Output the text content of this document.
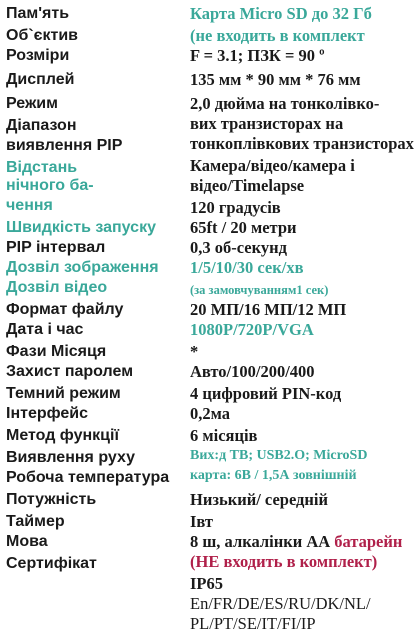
Пам'ять
Об`єктив
Розміри
Дисплей
Режим
Діапазон
виявлення PIP
Відстань
нічного ба-
чення
Швидкість запуску
PIP інтервал
Дозвіл зображення
Дозвіл відео
Формат файлу
Дата і час
Фази Місяця
Захист паролем
Темний режим
Інтерфейс
Метод функції
Виявлення руху
Робоча температура
Потужність
Таймер
Мова
Сертифікат
Карта Micro SD до 32 Гб
(не входить в комплект
F = 3.1; ПЗК = 90 º
135 мм * 90 мм * 76 мм
2,0 дюйма на тонколівко-
вих транзисторах на
тонкоплівкових транзисторах
Камера/відео/камера і
відео/Timelapse
120 градусів
65ft / 20 метри
0,3 об-секунд
1/5/10/30 сек/хв
(за замовчуванням1 сек)
20 МП/16 МП/12 МП
1080P/720P/VGA
*
Авто/100/200/400
4 цифровий PIN-код
0,2ма
6 місяців
Вих:д ТВ; USB2.O; MicroSD
карта: 6В / 1,5А зовнішній
Низький/ середній
Івт
8 ш, алкалінки АА батарейн
(НЕ входить в комплект)
IP65
En/FR/DE/ES/RU/DK/NL/
PL/PT/SE/IT/FI/IP
